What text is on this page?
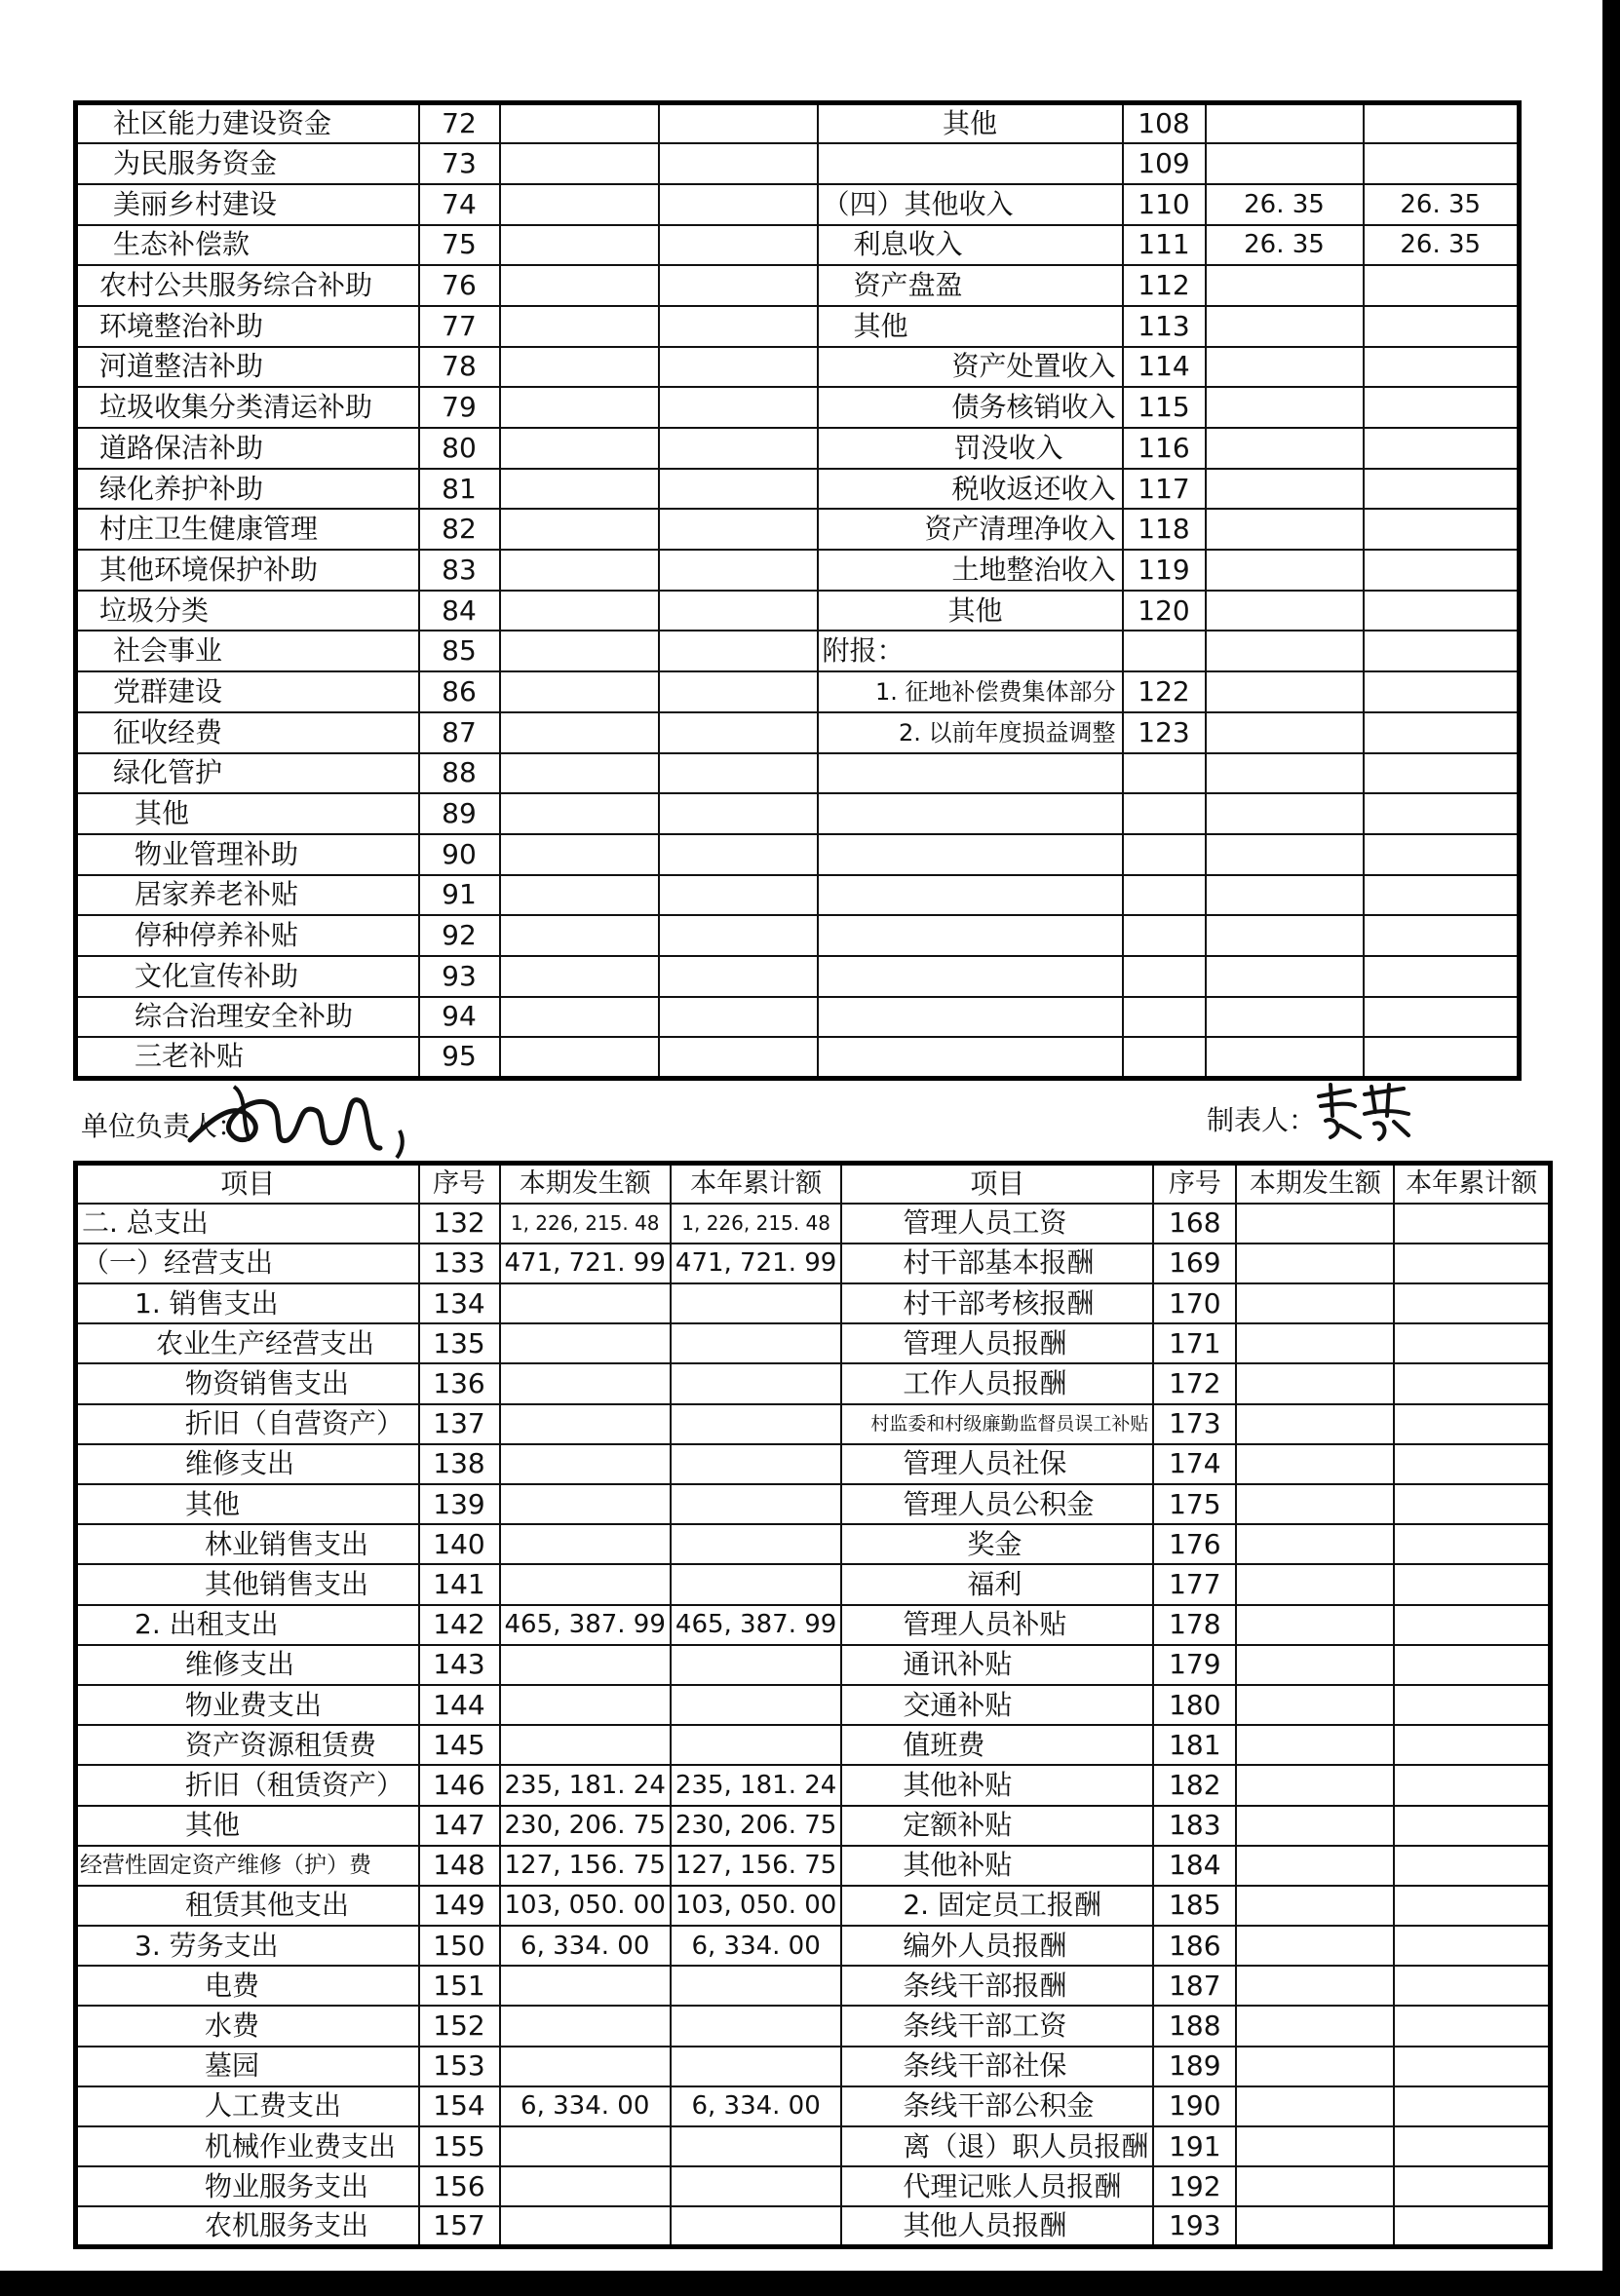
社区能力建设资金	72			其他	108		
为民服务资金	73				109		
美丽乡村建设	74			（四）其他收入	110	26. 35	26. 35
生态补偿款	75			利息收入	111	26. 35	26. 35
农村公共服务综合补助	76			资产盘盈	112		
环境整治补助	77			其他	113		
河道整洁补助	78			资产处置收入	114		
垃圾收集分类清运补助	79			债务核销收入	115		
道路保洁补助	80			罚没收入	116		
绿化养护补助	81			税收返还收入	117		
村庄卫生健康管理	82			资产清理净收入	118		
其他环境保护补助	83			土地整治收入	119		
垃圾分类	84			其他	120		
社会事业	85			附报：			
党群建设	86			1. 征地补偿费集体部分	122		
征收经费	87			2. 以前年度损益调整	123		
绿化管护	88						
其他	89						
物业管理补助	90						
居家养老补贴	91						
停种停养补贴	92						
文化宣传补助	93						
综合治理安全补助	94						
三老补贴	95						
单位负责人：	制表人：
项目	序号	本期发生额	本年累计额	项目	序号	本期发生额	本年累计额
二. 总支出	132	1, 226, 215. 48	1, 226, 215. 48	管理人员工资	168		
（一）经营支出	133	471, 721. 99	471, 721. 99	村干部基本报酬	169		
1. 销售支出	134			村干部考核报酬	170		
农业生产经营支出	135			管理人员报酬	171		
物资销售支出	136			工作人员报酬	172		
折旧（自营资产）	137			村监委和村级廉勤监督员误工补贴	173		
维修支出	138			管理人员社保	174		
其他	139			管理人员公积金	175		
林业销售支出	140			奖金	176		
其他销售支出	141			福利	177		
2. 出租支出	142	465, 387. 99	465, 387. 99	管理人员补贴	178		
维修支出	143			通讯补贴	179		
物业费支出	144			交通补贴	180		
资产资源租赁费	145			值班费	181		
折旧（租赁资产）	146	235, 181. 24	235, 181. 24	其他补贴	182		
其他	147	230, 206. 75	230, 206. 75	定额补贴	183		
经营性固定资产维修（护）费	148	127, 156. 75	127, 156. 75	其他补贴	184		
租赁其他支出	149	103, 050. 00	103, 050. 00	2. 固定员工报酬	185		
3. 劳务支出	150	6, 334. 00	6, 334. 00	编外人员报酬	186		
电费	151			条线干部报酬	187		
水费	152			条线干部工资	188		
墓园	153			条线干部社保	189		
人工费支出	154	6, 334. 00	6, 334. 00	条线干部公积金	190		
机械作业费支出	155			离（退）职人员报酬	191		
物业服务支出	156			代理记账人员报酬	192		
农机服务支出	157			其他人员报酬	193		
